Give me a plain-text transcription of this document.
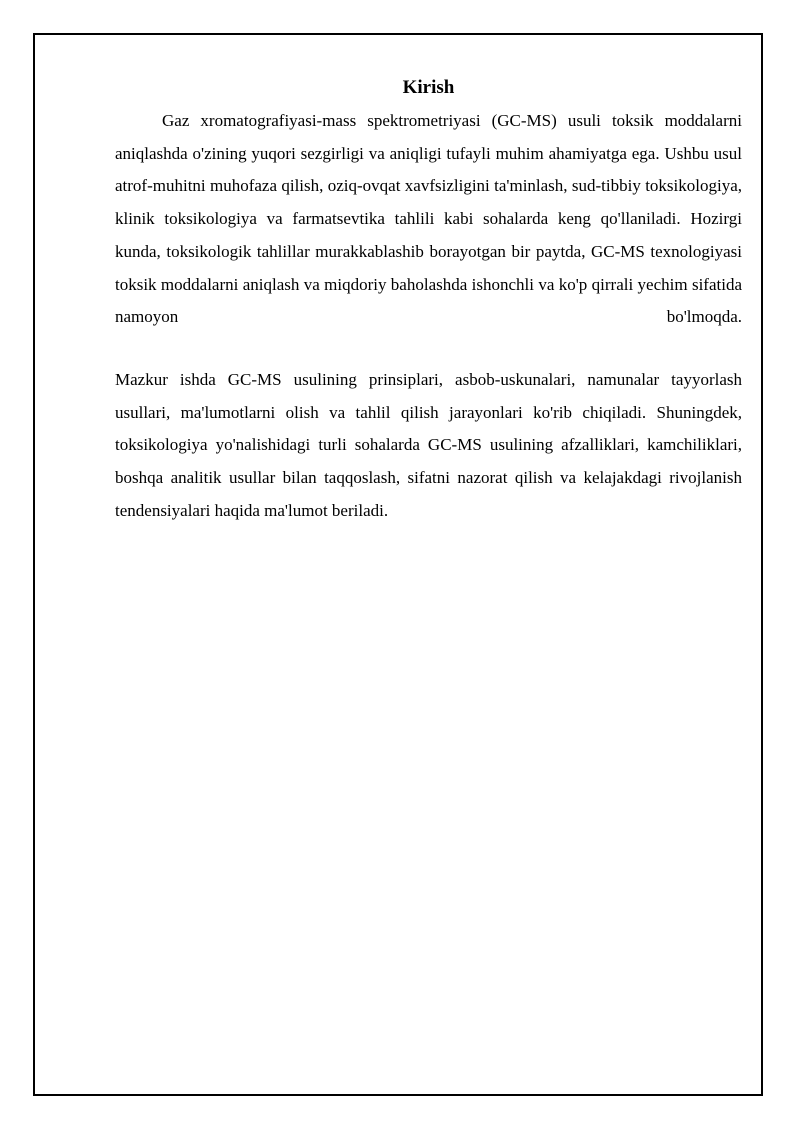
Kirish

Gaz xromatografiyasi-mass spektrometriyasi (GC-MS) usuli toksik moddalarni aniqlashda o'zining yuqori sezgirligi va aniqligi tufayli muhim ahamiyatga ega. Ushbu usul atrof-muhitni muhofaza qilish, oziq-ovqat xavfsizligini ta'minlash, sud-tibbiy toksikologiya, klinik toksikologiya va farmatsevtika tahlili kabi sohalarda keng qo'llaniladi. Hozirgi kunda, toksikologik tahlillar murakkablashib borayotgan bir paytda, GC-MS texnologiyasi toksik moddalarni aniqlash va miqdoriy baholashda ishonchli va ko'p qirrali yechim sifatida namoyon bo'lmoqda.

Mazkur ishda GC-MS usulining prinsiplari, asbob-uskunalari, namunalar tayyorlash usullari, ma'lumotlarni olish va tahlil qilish jarayonlari ko'rib chiqiladi. Shuningdek, toksikologiya yo'nalishidagi turli sohalarda GC-MS usulining afzalliklari, kamchiliklari, boshqa analitik usullar bilan taqqoslash, sifatni nazorat qilish va kelajakdagi rivojlanish tendensiyalari haqida ma'lumot beriladi.
